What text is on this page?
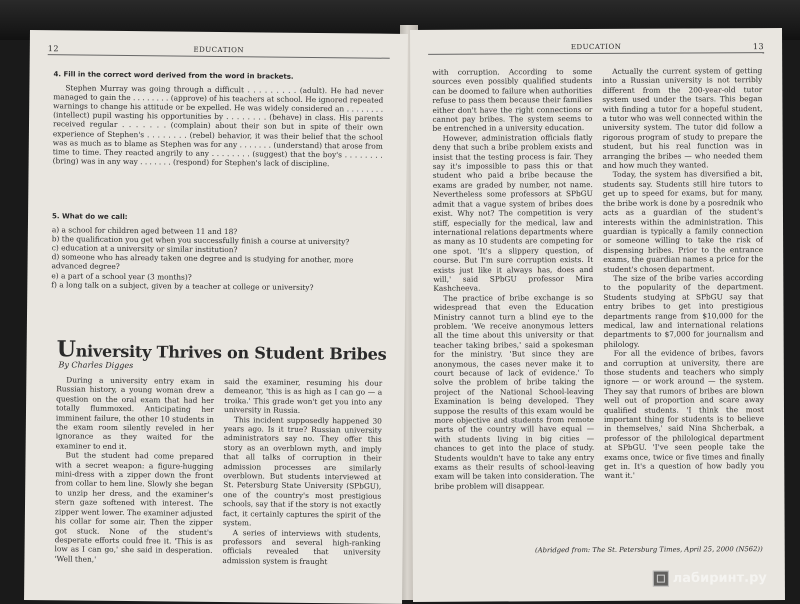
12	EDUCATION
4. Fill in the correct word derived from the word in brackets.
Stephen Murray was going through a difficult . . . . . . . . . (adult). He had never managed to gain the . . . . . . . . (approve) of his teachers at school. He ignored repeated warnings to change his attitude or be expelled. He was widely considered an . . . . . . . . (intellect) pupil wasting his opportunities by . . . . . . . . (behave) in class. His parents received regular . . . . . . . (complain) about their son but in spite of their own experience of Stephen's . . . . . . . . (rebel) behavior, it was their belief that the school was as much as to blame as Stephen was for any . . . . . . . (understand) that arose from time to time. They reacted angrily to any . . . . . . . . (suggest) that the boy's . . . . . . . . (bring) was in any way . . . . . . . (respond) for Stephen's lack of discipline.
5. What do we call:
a) a school for children aged between 11 and 18?
b) the qualification you get when you successfully finish a course at university?
c) education at a university or similar institution?
d) someone who has already taken one degree and is studying for another, more advanced degree?
e) a part of a school year (3 months)?
f) a long talk on a subject, given by a teacher at college or university?
University Thrives on Student Bribes
By Charles Digges

During a university entry exam in Russian history, a young woman drew a question on the oral exam that had her totally flummoxed. Anticipating her imminent failure, the other 10 students in the exam room silently reveled in her ignorance as they waited for the examiner to end it.

But the student had come prepared with a secret weapon: a figure-hugging mini-dress with a zipper down the front from collar to hem line. Slowly she began to unzip her dress, and the examiner's stern gaze softened with interest. The zipper went lower. The examiner adjusted his collar for some air. Then the zipper got stuck. None of the student's desperate efforts could free it. 'This is as low as I can go,' she said in desperation. 'Well then,'

said the examiner, resuming his dour demeanor, 'this is as high as I can go — a troika.' This grade won't get you into any university in Russia.

This incident supposedly happened 30 years ago. Is it true? Russian university administrators say no. They offer this story as an overblown myth, and imply that all talks of corruption in their admission processes are similarly overblown. But students interviewed at St. Petersburg State University (SPbGU), one of the country's most prestigious schools, say that if the story is not exactly fact, it certainly captures the spirit of the system.

A series of interviews with students, professors and several high-ranking officials revealed that university admission system is fraught

EDUCATION	13

with corruption. According to some sources even possibly qualified students can be doomed to failure when authorities refuse to pass them because their families either don't have the right connections or cannot pay bribes. The system seems to be entrenched in a university education.

However, administration officials flatly deny that such a bribe problem exists and insist that the testing process is fair. They say it's impossible to pass this or that student who paid a bribe because the exams are graded by number, not name. Nevertheless some professors at SPbGU admit that a vague system of bribes does exist. Why not? The competition is very stiff, especially for the medical, law and international relations departments where as many as 10 students are competing for one spot. 'It's a slippery question, of course. But I'm sure corruption exists. It exists just like it always has, does and will,' said SPbGU professor Mira Kashcheeva.

The practice of bribe exchange is so widespread that even the Education Ministry cannot turn a blind eye to the problem. 'We receive anonymous letters all the time about this university or that teacher taking bribes,' said a spokesman for the ministry. 'But since they are anonymous, the cases never make it to court because of lack of evidence.' To solve the problem of bribe taking the project of the National School-leaving Examination is being developed. They suppose the results of this exam would be more objective and students from remote parts of the country will have equal — with students living in big cities — chances to get into the place of study. Students wouldn't have to take any entry exams as their results of school-leaving exam will be taken into consideration. The bribe problem will disappear.

Actually the current system of getting into a Russian university is not terribly different from the 200-year-old tutor system used under the tsars. This began with finding a tutor for a hopeful student, a tutor who was well connected within the university system. The tutor did follow a rigorous program of study to prepare the student, but his real function was in arranging the bribes — who needed them and how much they wanted.

Today, the system has diversified a bit, students say. Students still hire tutors to get up to speed for exams, but for many, the bribe work is done by a posrednik who acts as a guardian of the student's interests within the administration. This guardian is typically a family connection or someone willing to take the risk of dispensing bribes. Prior to the entrance exams, the guardian names a price for the student's chosen department.

The size of the bribe varies according to the popularity of the department. Students studying at SPbGU say that entry bribes to get into prestigious departments range from $10,000 for the medical, law and international relations departments to $7,000 for journalism and philology.

For all the evidence of bribes, favors and corruption at university, there are those students and teachers who simply ignore — or work around — the system. They say that rumors of bribes are blown well out of proportion and scare away qualified students. 'I think the most important thing for students is to believe in themselves,' said Nina Shcherbak, a professor of the philological department at SPbGU. 'I've seen people take the exams once, twice or five times and finally get in. It's a question of how badly you want it.'

(Abridged from: The St. Petersburg Times, April 25, 2000 (N562))
лабиринт.ру
